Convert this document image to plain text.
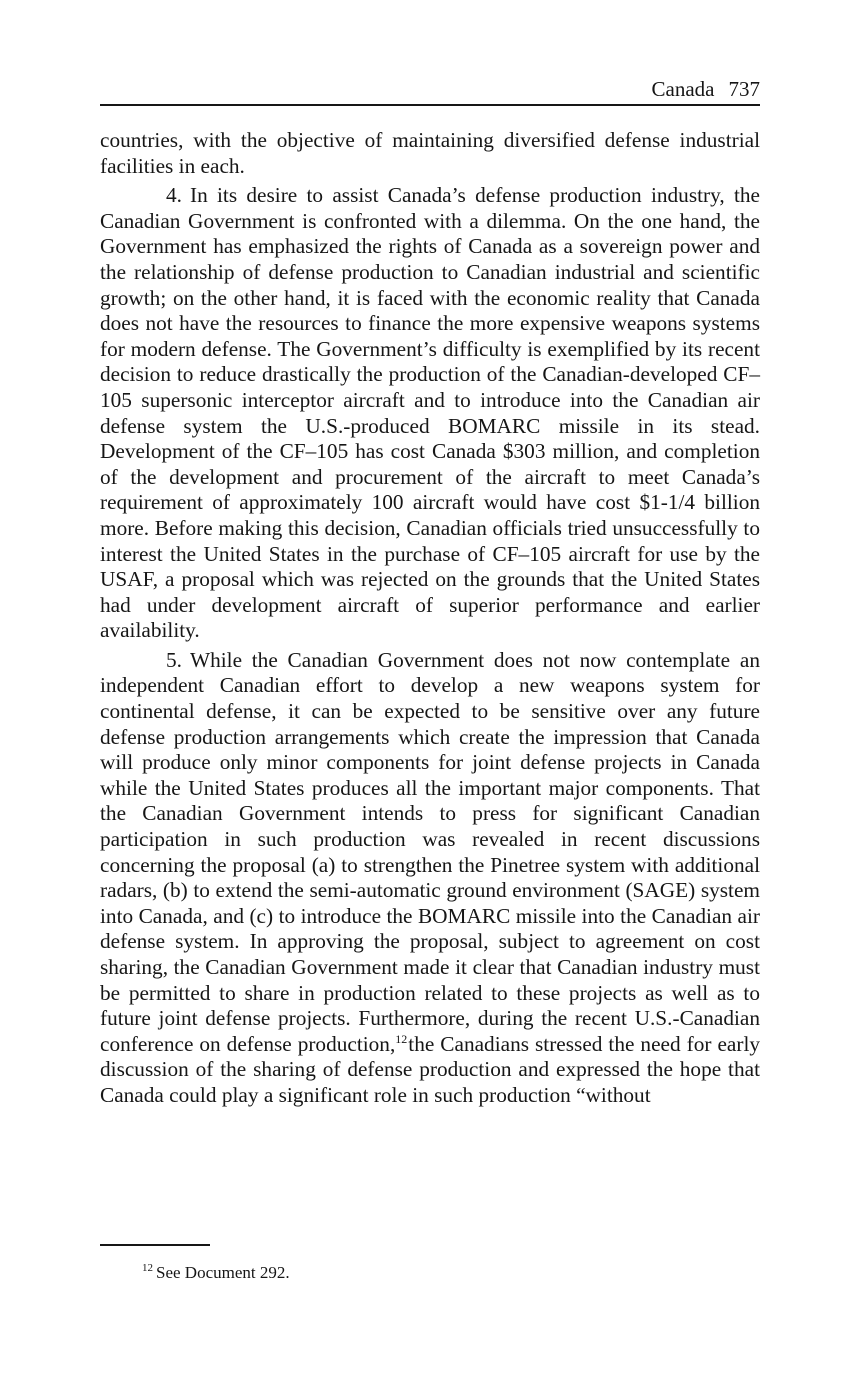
Canada 737

countries, with the objective of maintaining diversified defense industrial facilities in each.

4. In its desire to assist Canada’s defense production industry, the Canadian Government is confronted with a dilemma. On the one hand, the Government has emphasized the rights of Canada as a sovereign power and the relationship of defense production to Canadian industrial and scientific growth; on the other hand, it is faced with the economic reality that Canada does not have the resources to finance the more expensive weapons systems for modern defense. The Government’s difficulty is exemplified by its recent decision to reduce drastically the production of the Canadian-developed CF–105 supersonic interceptor aircraft and to introduce into the Canadian air defense system the U.S.-produced BOMARC missile in its stead. Development of the CF–105 has cost Canada $303 million, and completion of the development and procurement of the aircraft to meet Canada’s requirement of approximately 100 aircraft would have cost $1-1/4 billion more. Before making this decision, Canadian officials tried unsuccessfully to interest the United States in the purchase of CF–105 aircraft for use by the USAF, a proposal which was rejected on the grounds that the United States had under development aircraft of superior performance and earlier availability.

5. While the Canadian Government does not now contemplate an independent Canadian effort to develop a new weapons system for continental defense, it can be expected to be sensitive over any future defense production arrangements which create the impression that Canada will produce only minor components for joint defense projects in Canada while the United States produces all the important major components. That the Canadian Government intends to press for significant Canadian participation in such production was revealed in recent discussions concerning the proposal (a) to strengthen the Pinetree system with additional radars, (b) to extend the semi-automatic ground environment (SAGE) system into Canada, and (c) to introduce the BOMARC missile into the Canadian air defense system. In approving the proposal, subject to agreement on cost sharing, the Canadian Government made it clear that Canadian industry must be permitted to share in production related to these projects as well as to future joint defense projects. Furthermore, during the recent U.S.-Canadian conference on defense production,$^{12}$the Canadians stressed the need for early discussion of the sharing of defense production and expressed the hope that Canada could play a significant role in such production “without

$^{12}$ See Document 292.
